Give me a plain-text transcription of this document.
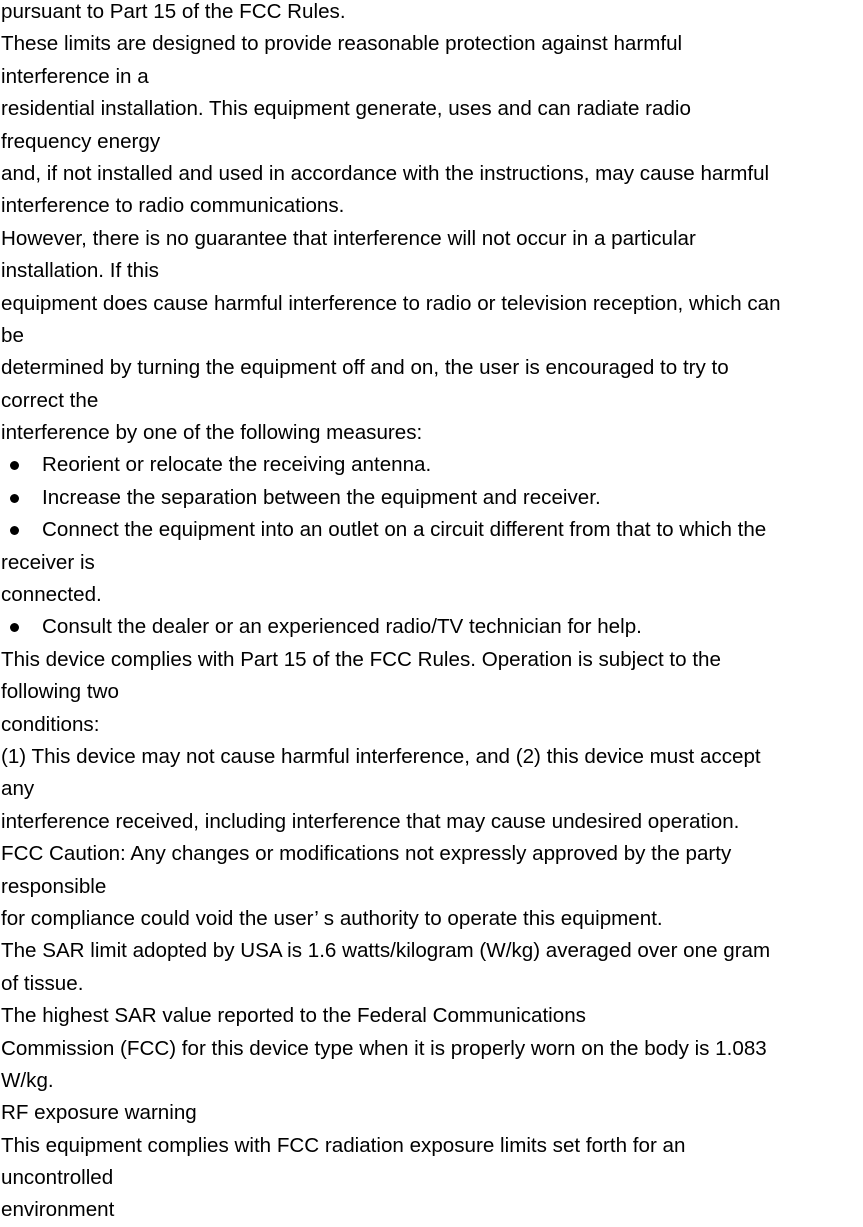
pursuant to Part 15 of the FCC Rules.
These limits are designed to provide reasonable protection against harmful
interference in a
residential installation. This equipment generate, uses and can radiate radio
frequency energy
and, if not installed and used in accordance with the instructions, may cause harmful
interference to radio communications.
However, there is no guarantee that interference will not occur in a particular
installation. If this
equipment does cause harmful interference to radio or television reception, which can
be
determined by turning the equipment off and on, the user is encouraged to try to
correct the
interference by one of the following measures:
Reorient or relocate the receiving antenna.
Increase the separation between the equipment and receiver.
Connect the equipment into an outlet on a circuit different from that to which the
receiver is
connected.
Consult the dealer or an experienced radio/TV technician for help.
This device complies with Part 15 of the FCC Rules. Operation is subject to the
following two
conditions:
(1) This device may not cause harmful interference, and (2) this device must accept
any
interference received, including interference that may cause undesired operation.
FCC Caution: Any changes or modifications not expressly approved by the party
responsible
for compliance could void the user’ s authority to operate this equipment.
The SAR limit adopted by USA is 1.6 watts/kilogram (W/kg) averaged over one gram
of tissue.
The highest SAR value reported to the Federal Communications
Commission (FCC) for this device type when it is properly worn on the body is 1.083
W/kg.
RF exposure warning
This equipment complies with FCC radiation exposure limits set forth for an
uncontrolled
environment
